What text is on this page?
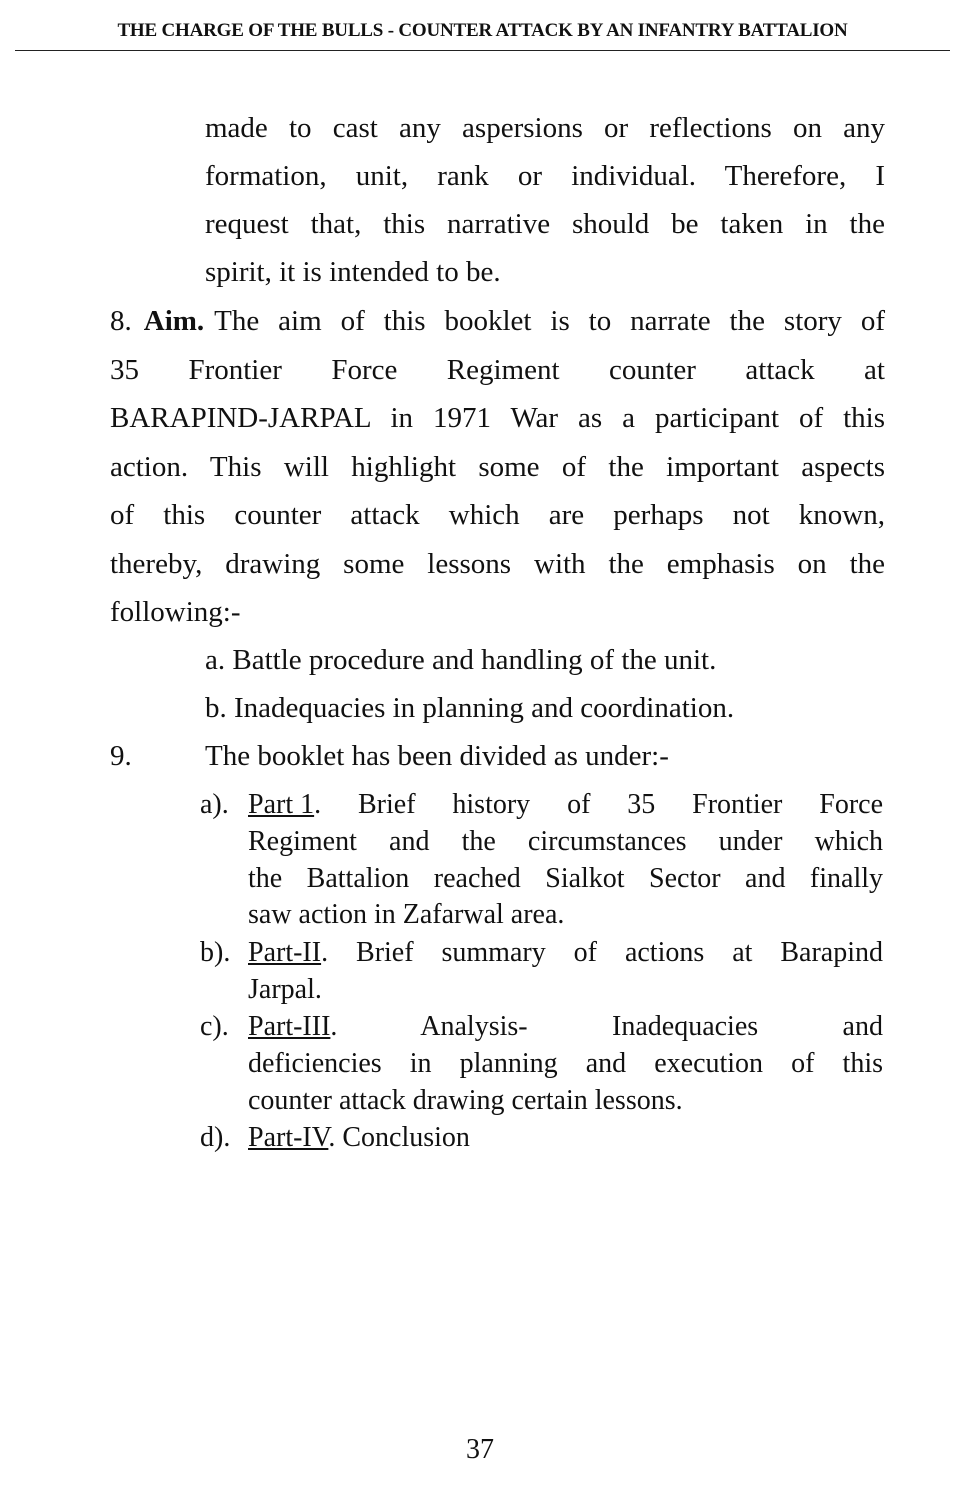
THE CHARGE OF THE BULLS - COUNTER ATTACK BY AN INFANTRY BATTALION
made to cast any aspersions or reflections on any
formation, unit, rank or individual. Therefore, I
request that, this narrative should be taken in the
spirit, it is intended to be.
8. Aim. The aim of this booklet is to narrate the story of
35 Frontier Force Regiment counter attack at
BARAPIND-JARPAL in 1971 War as a participant of this
action. This will highlight some of the important aspects
of this counter attack which are perhaps not known,
thereby, drawing some lessons with the emphasis on the
following:-
a. Battle procedure and handling of the unit.
b. Inadequacies in planning and coordination.
9.	The booklet has been divided as under:-
a). Part 1 . Brief history of 35 Frontier Force
Regiment and the circumstances under which
the Battalion reached Sialkot Sector and finally
saw action in Zafarwal area.
b). Part-II . Brief summary of actions at Barapind
Jarpal.
c). Part-III . Analysis- Inadequacies and
deficiencies in planning and execution of this
counter attack drawing certain lessons.
d). Part-IV. Conclusion
37
